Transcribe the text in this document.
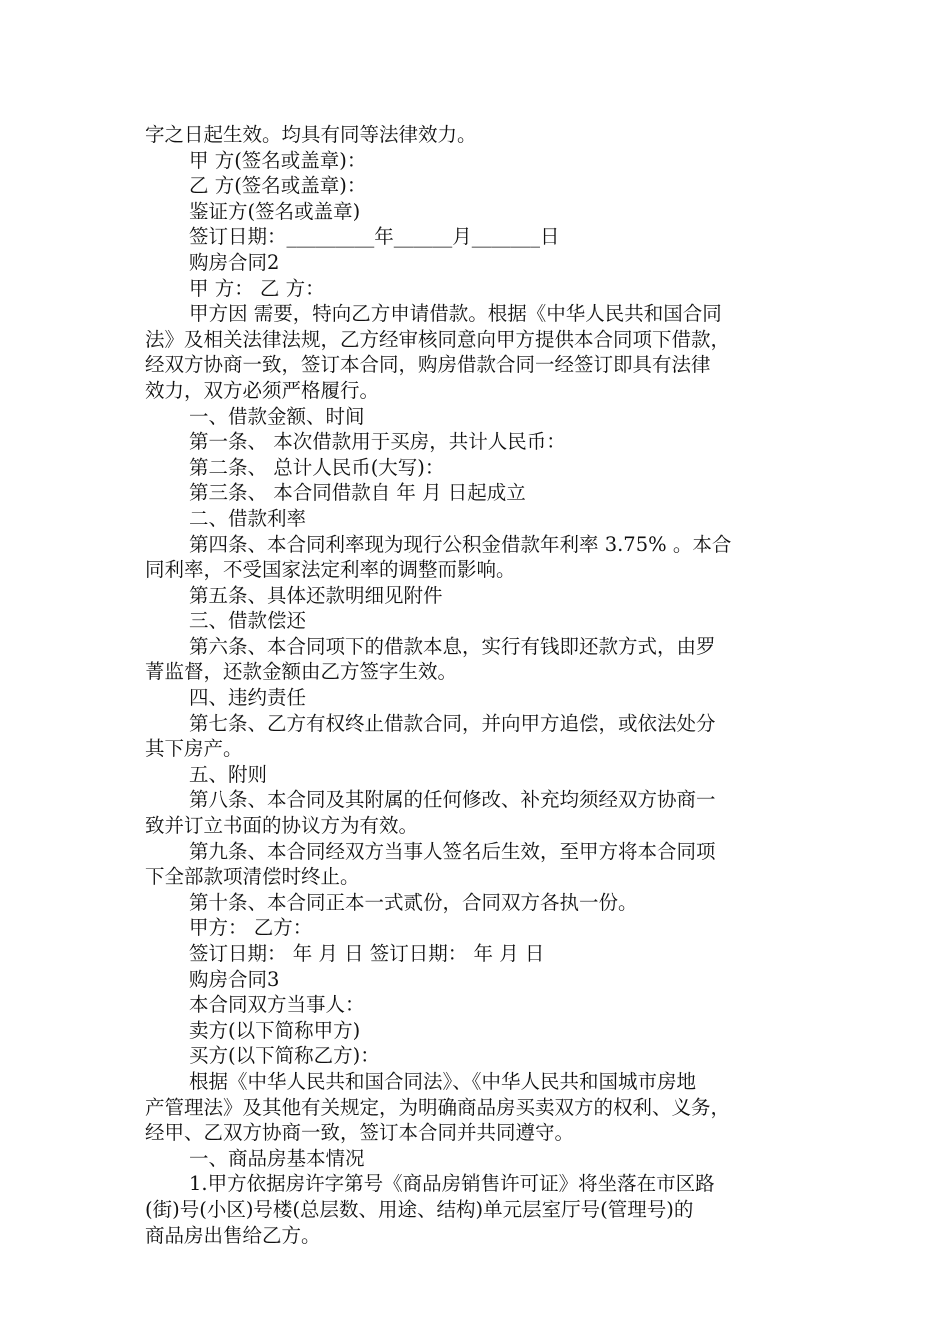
字之日起生效。均具有同等法律效力。
甲 方(签名或盖章)：
乙 方(签名或盖章)：
鉴证方(签名或盖章)
签订日期：_________年______月_______日
购房合同2
甲 方： 乙 方：
甲方因 需要，特向乙方申请借款。根据《中华人民共和国合同
法》及相关法律法规，乙方经审核同意向甲方提供本合同项下借款，
经双方协商一致，签订本合同，购房借款合同一经签订即具有法律
效力，双方必须严格履行。
一、借款金额、时间
第一条、 本次借款用于买房，共计人民币：
第二条、 总计人民币(大写)：
第三条、 本合同借款自 年 月 日起成立
二、借款利率
第四条、本合同利率现为现行公积金借款年利率 3.75% 。本合
同利率，不受国家法定利率的调整而影响。
第五条、具体还款明细见附件
三、借款偿还
第六条、本合同项下的借款本息，实行有钱即还款方式，由罗
菁监督，还款金额由乙方签字生效。
四、违约责任
第七条、乙方有权终止借款合同，并向甲方追偿，或依法处分
其下房产。
五、附则
第八条、本合同及其附属的任何修改、补充均须经双方协商一
致并订立书面的协议方为有效。
第九条、本合同经双方当事人签名后生效，至甲方将本合同项
下全部款项清偿时终止。
第十条、本合同正本一式贰份，合同双方各执一份。
甲方： 乙方：
签订日期： 年 月 日 签订日期： 年 月 日
购房合同3
本合同双方当事人：
卖方(以下简称甲方)
买方(以下简称乙方)：
根据《中华人民共和国合同法》、《中华人民共和国城市房地
产管理法》及其他有关规定，为明确商品房买卖双方的权利、义务，
经甲、乙双方协商一致，签订本合同并共同遵守。
一、商品房基本情况
1.甲方依据房许字第号《商品房销售许可证》将坐落在市区路
(街)号(小区)号楼(总层数、用途、结构)单元层室厅号(管理号)的
商品房出售给乙方。
